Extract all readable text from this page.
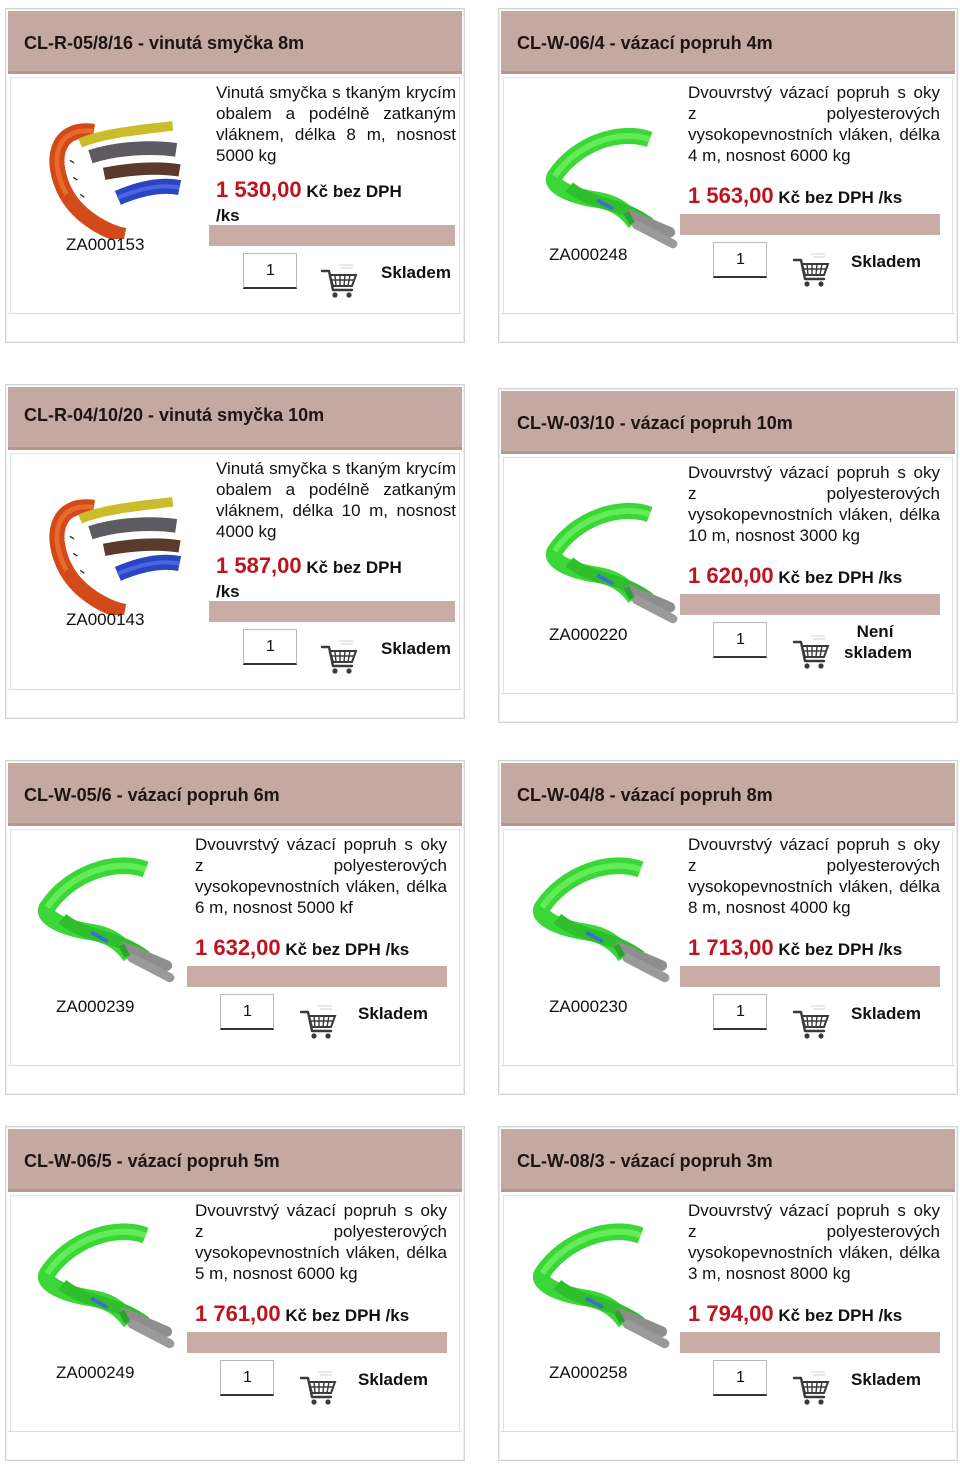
CL-R-05/8/16 - vinutá smyčka 8m
ZA000153
Vinutá smyčka s tkaným krycím obalem a podélně zatkaným vláknem, délka 8 m, nosnost 5000 kg
1 530,00 Kč bez DPH /ks
1
Skladem
CL-W-06/4 - vázací popruh 4m
ZA000248
Dvouvrstvý vázací popruh s oky z polyesterových vysokopevnostních vláken, délka 4 m, nosnost 6000 kg
1 563,00 Kč bez DPH /ks
1
Skladem
CL-R-04/10/20 - vinutá smyčka 10m
ZA000143
Vinutá smyčka s tkaným krycím obalem a podélně zatkaným vláknem, délka 10 m, nosnost 4000 kg
1 587,00 Kč bez DPH /ks
1
Skladem
CL-W-03/10 - vázací popruh 10m
ZA000220
Dvouvrstvý vázací popruh s oky z polyesterových vysokopevnostních vláken, délka 10 m, nosnost 3000 kg
1 620,00 Kč bez DPH /ks
1
Není skladem
CL-W-05/6 - vázací popruh 6m
ZA000239
Dvouvrstvý vázací popruh s oky z polyesterových vysokopevnostních vláken, délka 6 m, nosnost 5000 kf
1 632,00 Kč bez DPH /ks
1
Skladem
CL-W-04/8 - vázací popruh 8m
ZA000230
Dvouvrstvý vázací popruh s oky z polyesterových vysokopevnostních vláken, délka 8 m, nosnost 4000 kg
1 713,00 Kč bez DPH /ks
1
Skladem
CL-W-06/5 - vázací popruh 5m
ZA000249
Dvouvrstvý vázací popruh s oky z polyesterových vysokopevnostních vláken, délka 5 m, nosnost 6000 kg
1 761,00 Kč bez DPH /ks
1
Skladem
CL-W-08/3 - vázací popruh 3m
ZA000258
Dvouvrstvý vázací popruh s oky z polyesterových vysokopevnostních vláken, délka 3 m, nosnost 8000 kg
1 794,00 Kč bez DPH /ks
1
Skladem
